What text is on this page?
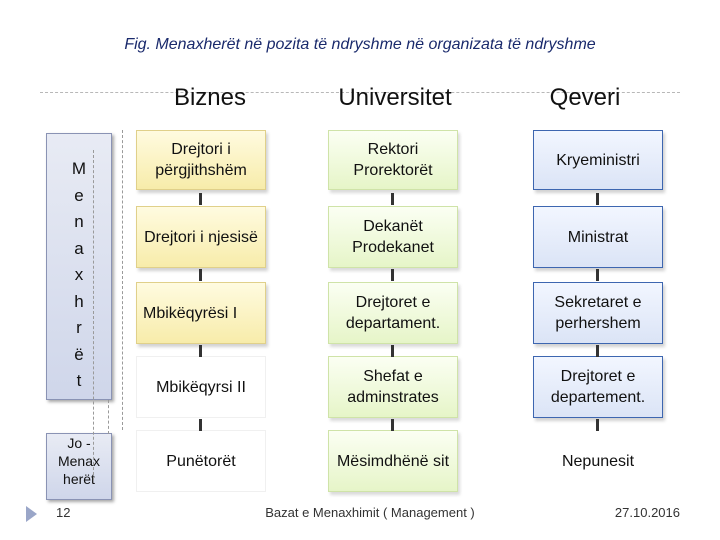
Fig. Menaxherët në pozita të ndryshme në organizata të ndryshme
Biznes	Universitet	Qeveri
M
e
n
a
x
h
r
ë
t
Jo -
Menax
herët
Drejtori i përgjithshëm
Drejtori i njesisë
Mbikëqyrësi I
Mbikëqyrsi II
Punëtorët
Rektori Prorektorët
Dekanët Prodekanet
Drejtoret e departament.
Shefat e adminstrates
Mësimdhënë sit
Kryeministri
Ministrat
Sekretaret e perhershem
Drejtoret e departement.
Nepunesit
12	Bazat e Menaxhimit ( Management )	27.10.2016
